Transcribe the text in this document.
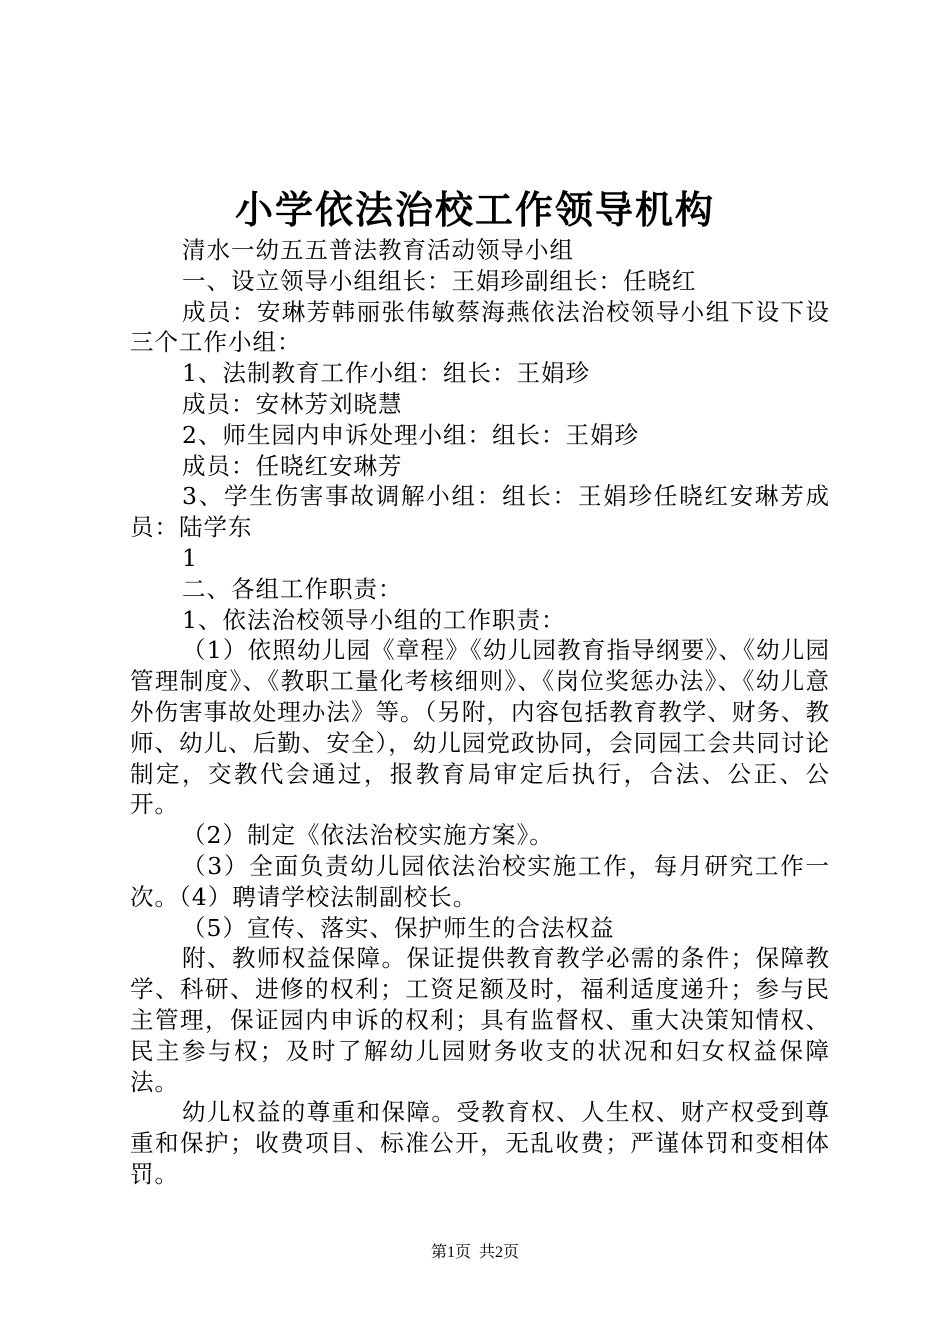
小学依法治校工作领导机构

清水一幼五五普法教育活动领导小组

一、设立领导小组组长：王娟珍副组长：任晓红

成员：安琳芳韩丽张伟敏蔡海燕依法治校领导小组下设下设三个工作小组：

1、法制教育工作小组：组长：王娟珍

成员：安林芳刘晓慧

2、师生园内申诉处理小组：组长：王娟珍

成员：任晓红安琳芳

3、学生伤害事故调解小组：组长：王娟珍任晓红安琳芳成员：陆学东

1

二、各组工作职责：

1、依法治校领导小组的工作职责：

（1）依照幼儿园《章程》《幼儿园教育指导纲要》、《幼儿园管理制度》、《教职工量化考核细则》、《岗位奖惩办法》、《幼儿意外伤害事故处理办法》等。（另附，内容包括教育教学、财务、教师、幼儿、后勤、安全），幼儿园党政协同，会同园工会共同讨论制定，交教代会通过，报教育局审定后执行，合法、公正、公开。

（2）制定《依法治校实施方案》。

（3）全面负责幼儿园依法治校实施工作，每月研究工作一次。（4）聘请学校法制副校长。

（5）宣传、落实、保护师生的合法权益

附、教师权益保障。保证提供教育教学必需的条件；保障教学、科研、进修的权利；工资足额及时，福利适度递升；参与民主管理，保证园内申诉的权利；具有监督权、重大决策知情权、民主参与权；及时了解幼儿园财务收支的状况和妇女权益保障法。

幼儿权益的尊重和保障。受教育权、人生权、财产权受到尊重和保护；收费项目、标准公开，无乱收费；严谨体罚和变相体罚。

第1页 共2页
